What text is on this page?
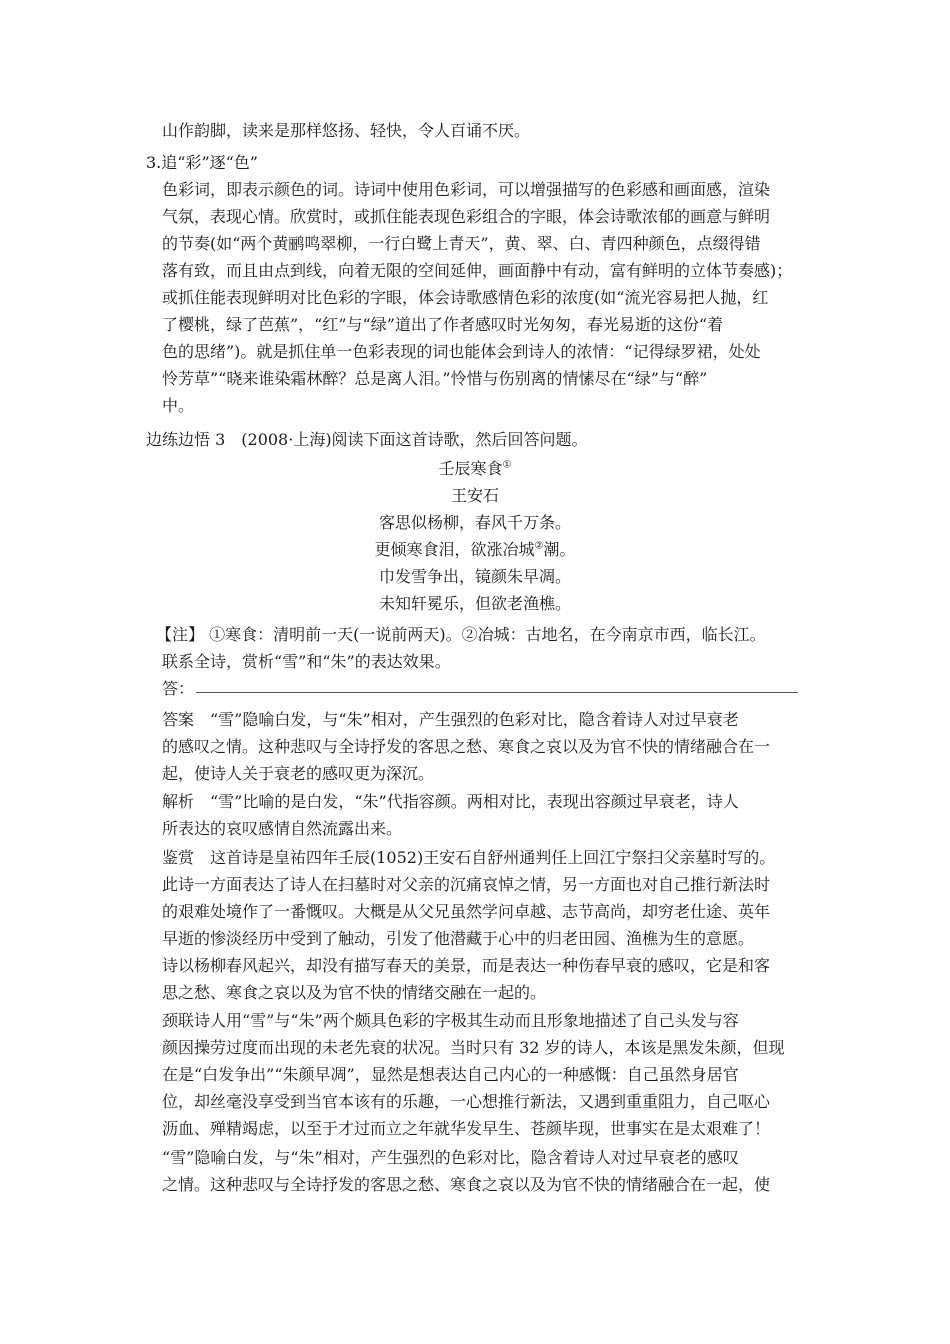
山作韵脚，读来是那样悠扬、轻快，令人百诵不厌。
3.追“彩”逐“色”
色彩词，即表示颜色的词。诗词中使用色彩词，可以增强描写的色彩感和画面感，渲染
气氛，表现心情。欣赏时，或抓住能表现色彩组合的字眼，体会诗歌浓郁的画意与鲜明
的节奏(如“两个黄鹂鸣翠柳，一行白鹭上青天”，黄、翠、白、青四种颜色，点缀得错
落有致，而且由点到线，向着无限的空间延伸，画面静中有动，富有鲜明的立体节奏感)；
或抓住能表现鲜明对比色彩的字眼，体会诗歌感情色彩的浓度(如“流光容易把人抛，红
了樱桃，绿了芭蕉”，“红”与“绿”道出了作者感叹时光匆匆，春光易逝的这份“着
色的思绪”)。就是抓住单一色彩表现的词也能体会到诗人的浓情：“记得绿罗裙，处处
怜芳草”“晓来谁染霜林醉？总是离人泪。”怜惜与伤别离的情愫尽在“绿”与“醉”
中。
边练边悟 3　(2008·上海)阅读下面这首诗歌，然后回答问题。
壬辰寒食①
王安石
客思似杨柳，春风千万条。
更倾寒食泪，欲涨冶城②潮。
巾发雪争出，镜颜朱早凋。
未知轩冕乐，但欲老渔樵。
【注】 ①寒食：清明前一天(一说前两天)。②冶城：古地名，在今南京市西，临长江。
联系全诗，赏析“雪”和“朱”的表达效果。
答：
答案　“雪”隐喻白发，与“朱”相对，产生强烈的色彩对比，隐含着诗人对过早衰老
的感叹之情。这种悲叹与全诗抒发的客思之愁、寒食之哀以及为官不快的情绪融合在一
起，使诗人关于衰老的感叹更为深沉。
解析　“雪”比喻的是白发，“朱”代指容颜。两相对比，表现出容颜过早衰老，诗人
所表达的哀叹感情自然流露出来。
鉴赏　这首诗是皇祐四年壬辰(1052)王安石自舒州通判任上回江宁祭扫父亲墓时写的。
此诗一方面表达了诗人在扫墓时对父亲的沉痛哀悼之情，另一方面也对自己推行新法时
的艰难处境作了一番慨叹。大概是从父兄虽然学问卓越、志节高尚，却穷老仕途、英年
早逝的惨淡经历中受到了触动，引发了他潜藏于心中的归老田园、渔樵为生的意愿。
诗以杨柳春风起兴，却没有描写春天的美景，而是表达一种伤春早衰的感叹，它是和客
思之愁、寒食之哀以及为官不快的情绪交融在一起的。
颈联诗人用“雪”与“朱”两个颇具色彩的字极其生动而且形象地描述了自己头发与容
颜因操劳过度而出现的未老先衰的状况。当时只有 32 岁的诗人，本该是黑发朱颜，但现
在是“白发争出”“朱颜早凋”，显然是想表达自己内心的一种感慨：自己虽然身居官
位，却丝毫没享受到当官本该有的乐趣，一心想推行新法，又遇到重重阻力，自己呕心
沥血、殚精竭虑，以至于才过而立之年就华发早生、苍颜毕现，世事实在是太艰难了！
“雪”隐喻白发，与“朱”相对，产生强烈的色彩对比，隐含着诗人对过早衰老的感叹
之情。这种悲叹与全诗抒发的客思之愁、寒食之哀以及为官不快的情绪融合在一起，使
